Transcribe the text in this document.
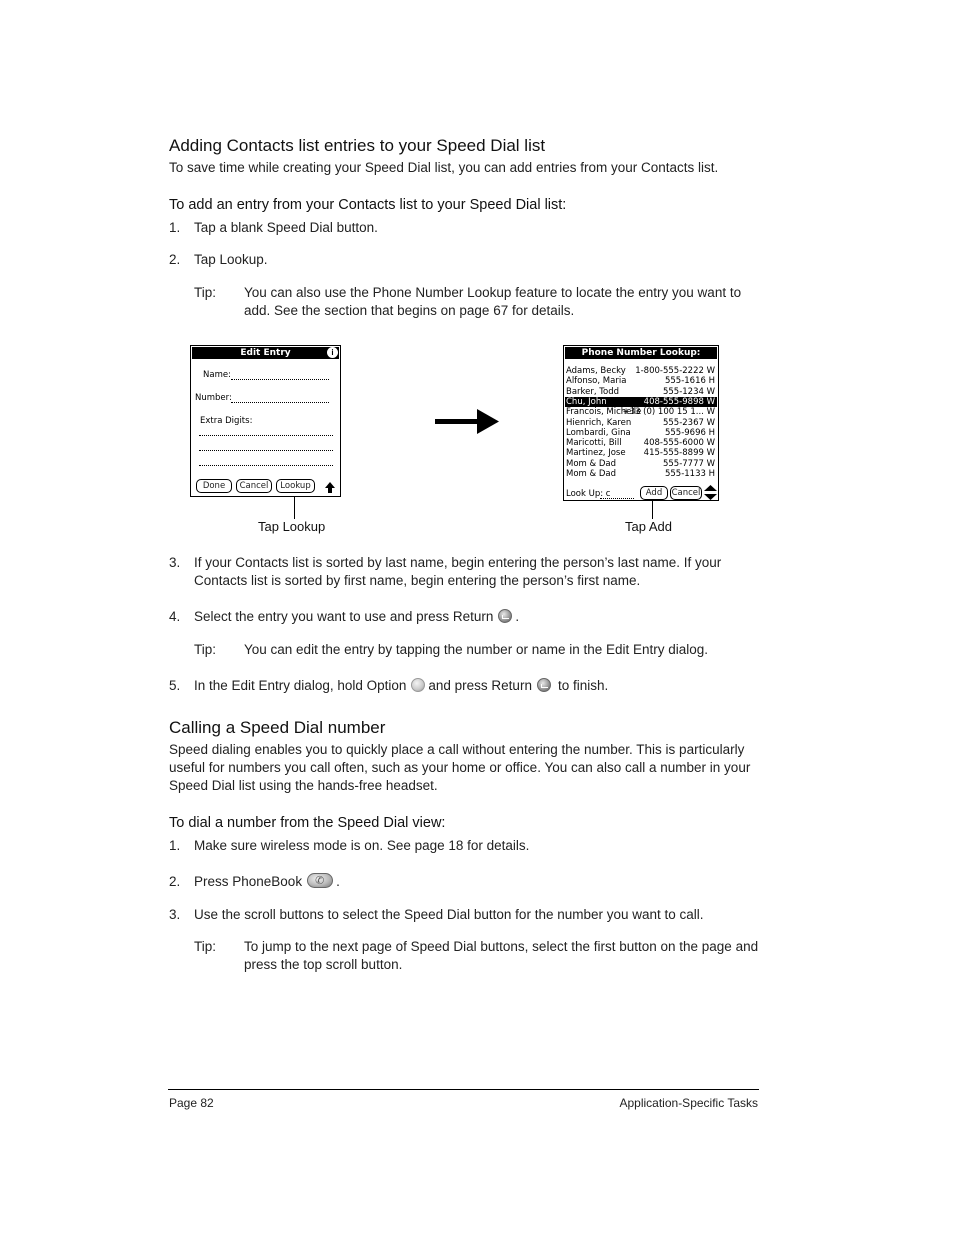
Adding Contacts list entries to your Speed Dial list
To save time while creating your Speed Dial list, you can add entries from your Contacts list.
To add an entry from your Contacts list to your Speed Dial list:
1.	Tap a blank Speed Dial button.
2.	Tap Lookup.
Tip: You can also use the Phone Number Lookup feature to locate the entry you want to add. See the section that begins on page 67 for details.
Edit Entry	i
Name:
Number:
Extra Digits:
Done	Cancel	Lookup
Tap Lookup
Phone Number Lookup:
Adams, Becky 1-800-555-2222 W
Alfonso, Maria	555-1616 H
Barker, Todd	555-1234 W
Chu, John	408-555-9898 W
Francois, Michelle
+33 (0) 100 15 1... W
Hienrich, Karen	555-2367 W
Lombardi, Gina	555-9696 H
Maricotti, Bill	408-555-6000 W
Martinez, Jose 415-555-8899 W
Mom & Dad	555-7777 W
Mom & Dad	555-1133 H
Look Up: c	Add	Cancel
Tap Add
3.	If your Contacts list is sorted by last name, begin entering the person’s last name. If your Contacts list is sorted by first name, begin entering the person’s first name.
4.	Select the entry you want to use and press Return .
Tip: You can edit the entry by tapping the number or name in the Edit Entry dialog.
5.	In the Edit Entry dialog, hold Option and press Return to finish.
Calling a Speed Dial number
Speed dialing enables you to quickly place a call without entering the number. This is particularly useful for numbers you call often, such as your home or office. You can also call a number in your Speed Dial list using the hands-free headset.
To dial a number from the Speed Dial view:
1.	Make sure wireless mode is on. See page 18 for details.
2.	Press PhoneBook✆	.
3.	Use the scroll buttons to select the Speed Dial button for the number you want to call.
Tip: To jump to the next page of Speed Dial buttons, select the first button on the page and press the top scroll button.
Page 82	Application-Specific Tasks
